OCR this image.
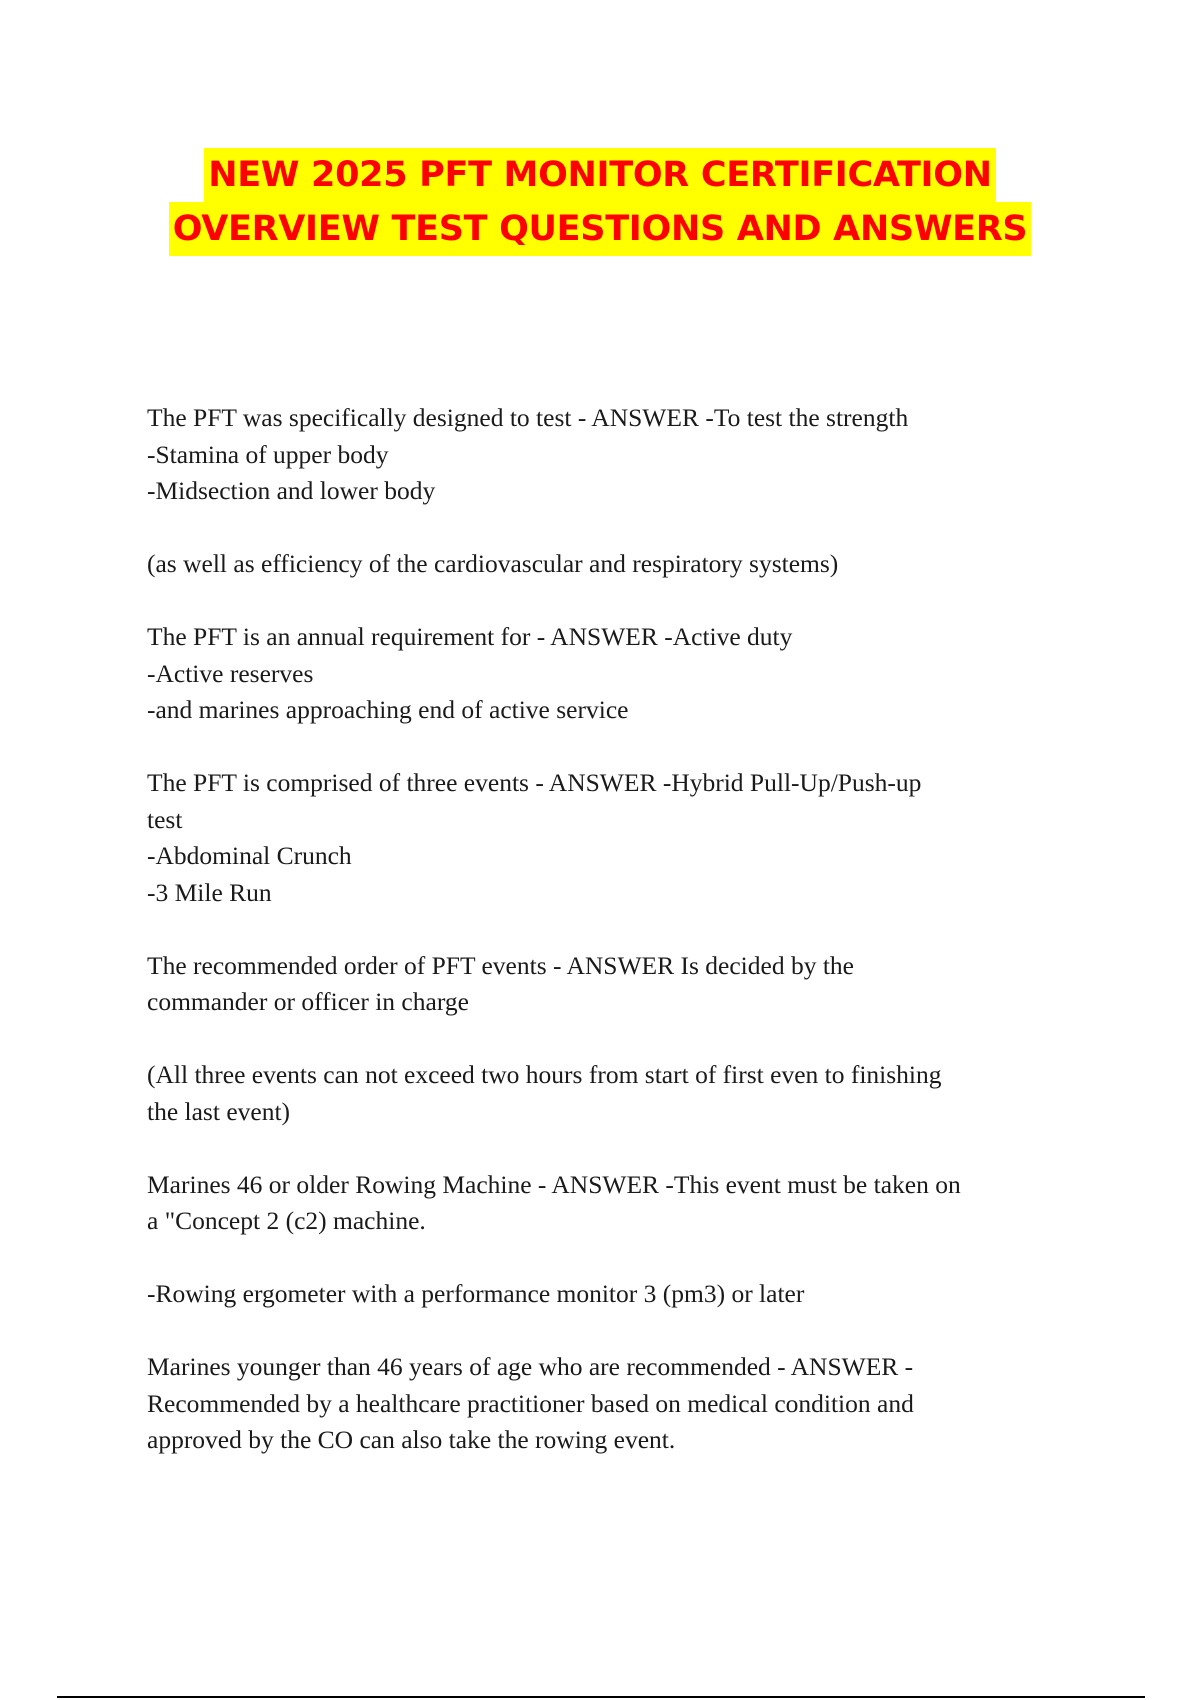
NEW 2025 PFT MONITOR CERTIFICATION
OVERVIEW TEST QUESTIONS AND ANSWERS
The PFT was specifically designed to test - ANSWER -To test the strength
-Stamina of upper body
-Midsection and lower body
(as well as efficiency of the cardiovascular and respiratory systems)
The PFT is an annual requirement for - ANSWER -Active duty
-Active reserves
-and marines approaching end of active service
The PFT is comprised of three events - ANSWER -Hybrid Pull-Up/Push-up
test
-Abdominal Crunch
-3 Mile Run
The recommended order of PFT events - ANSWER Is decided by the
commander or officer in charge
(All three events can not exceed two hours from start of first even to finishing
the last event)
Marines 46 or older Rowing Machine - ANSWER -This event must be taken on
a "Concept 2 (c2) machine.
-Rowing ergometer with a performance monitor 3 (pm3) or later
Marines younger than 46 years of age who are recommended - ANSWER -
Recommended by a healthcare practitioner based on medical condition and
approved by the CO can also take the rowing event.
